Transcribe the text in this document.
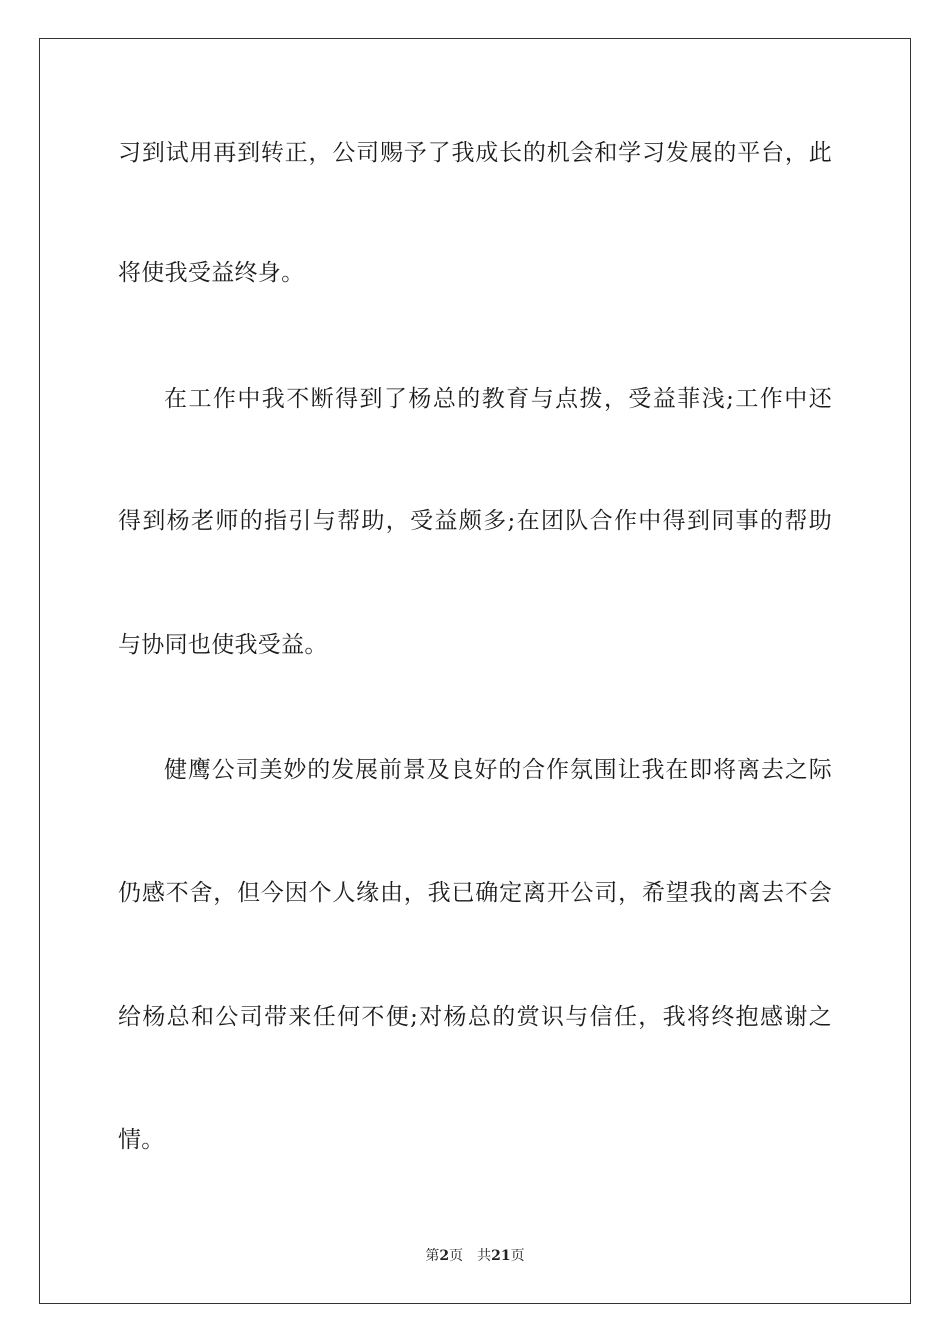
习到试用再到转正，公司赐予了我成长的机会和学习发展的平台，此
将使我受益终身。
在工作中我不断得到了杨总的教育与点拨，受益菲浅;工作中还
得到杨老师的指引与帮助，受益颇多;在团队合作中得到同事的帮助
与协同也使我受益。
健鹰公司美妙的发展前景及良好的合作氛围让我在即将离去之际
仍感不舍，但今因个人缘由，我已确定离开公司，希望我的离去不会
给杨总和公司带来任何不便;对杨总的赏识与信任，我将终抱感谢之
情。
第2页 共21页
